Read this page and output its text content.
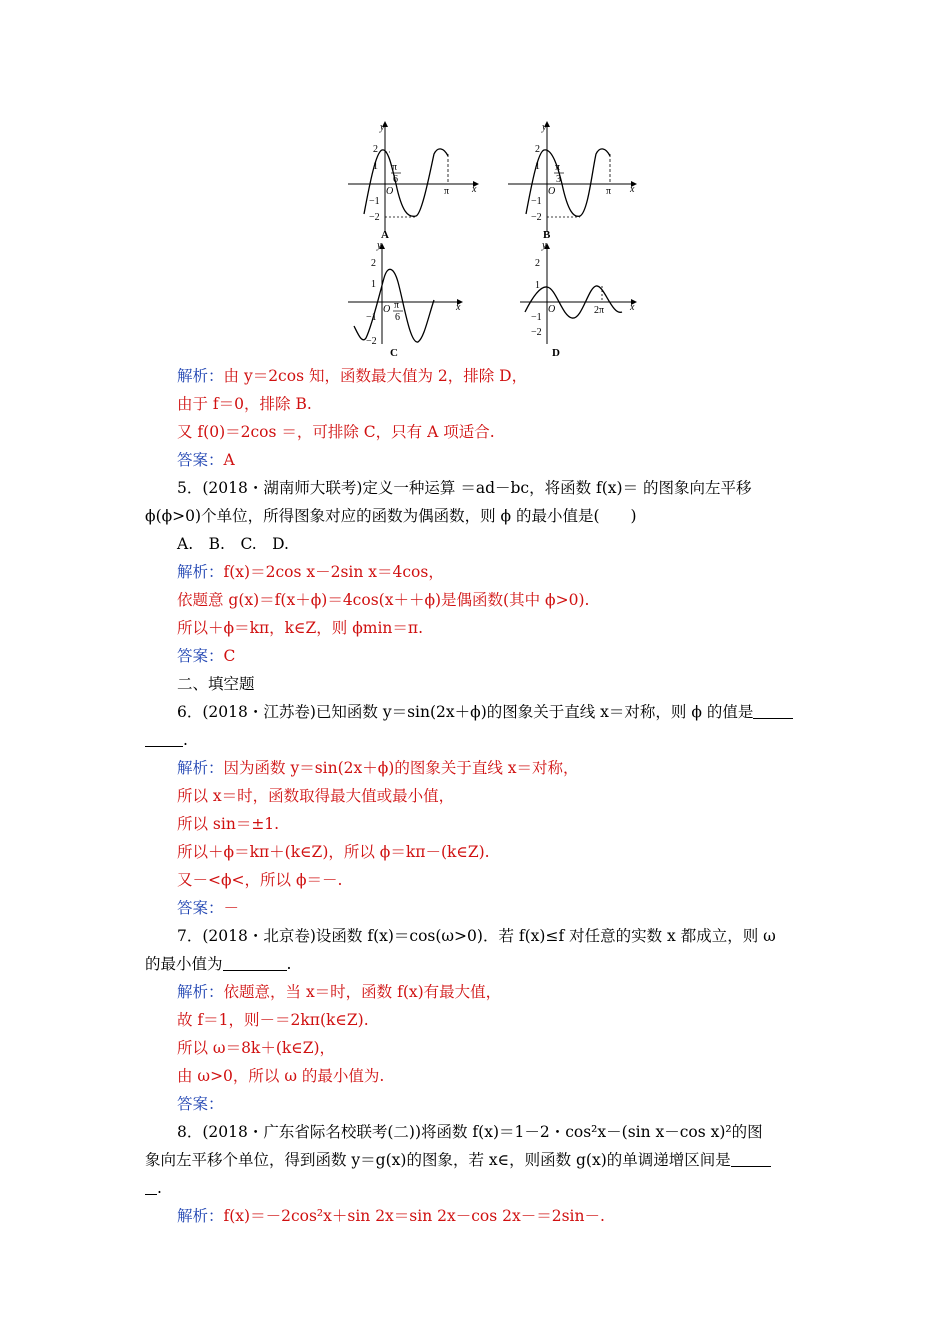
y
2
1
−1
−2
O
π
6
π x
A
y
2
1
−1
−2
O
π
3
π x
B
y
2
1
−1
−2
O π
6
x
C
y
2
1
−1
−2
O	2π	x
D
解析：由 y＝2cos 知，函数最大值为 2，排除 D，
由于 f＝0，排除 B.
又 f(0)＝2cos ＝，可排除 C，只有 A 项适合.
答案：A
5．(2018・湖南师大联考)定义一种运算 ＝ad－bc，将函数 f(x)＝ 的图象向左平移
ϕ(ϕ>0)个单位，所得图象对应的函数为偶函数，则 ϕ 的最小值是(　　)
A.　B.　C.　D.
解析：f(x)＝2cos x－2sin x＝4cos，
依题意 g(x)＝f(x＋ϕ)＝4cos(x＋＋ϕ)是偶函数(其中 ϕ>0).
所以＋ϕ＝kπ，k∈Z，则 ϕmin＝π.
答案：C
二、填空题
6．(2018・江苏卷)已知函数 y＝sin(2x＋ϕ)的图象关于直线 x＝对称，则 ϕ 的值是
.
解析：因为函数 y＝sin(2x＋ϕ)的图象关于直线 x＝对称，
所以 x＝时，函数取得最大值或最小值，
所以 sin＝±1.
所以＋ϕ＝kπ＋(k∈Z)，所以 ϕ＝kπ－(k∈Z).
又－<ϕ<，所以 ϕ＝－.
答案：－
7．(2018・北京卷)设函数 f(x)＝cos(ω>0)．若 f(x)≤f 对任意的实数 x 都成立，则 ω
的最小值为	.
解析：依题意，当 x＝时，函数 f(x)有最大值，
故 f＝1，则－＝2kπ(k∈Z).
所以 ω＝8k＋(k∈Z)，
由 ω>0，所以 ω 的最小值为.
答案：
8．(2018・广东省际名校联考(二))将函数 f(x)＝1－2・cos²x－(sin x－cos x)²的图
象向左平移个单位，得到函数 y＝g(x)的图象，若 x∈，则函数 g(x)的单调递增区间是
.
解析：f(x)＝－2cos²x＋sin 2x＝sin 2x－cos 2x－＝2sin－.
